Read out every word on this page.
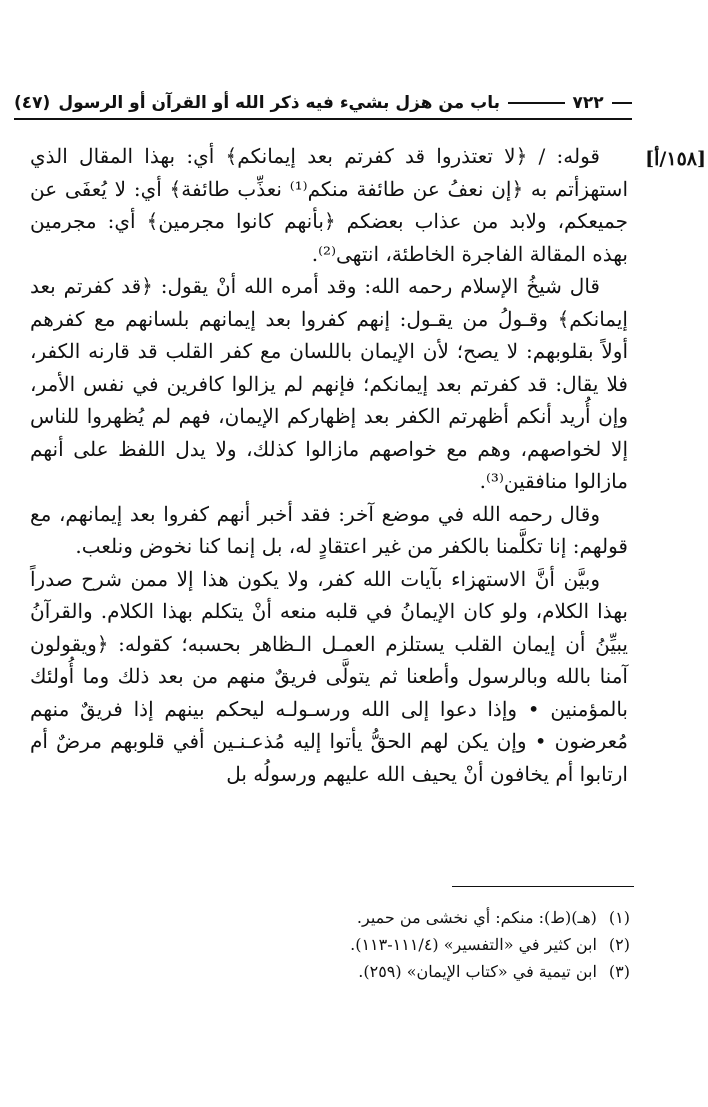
٧٢٢
باب من هزل بشيء فيه ذكر الله أو القرآن أو الرسول
(٤٧)
[١٥٨/أ]

قوله: / ﴿لا تعتذروا قد كفرتم بعد إيمانكم﴾ أي: بهذا المقال الذي استهزأتم به ﴿إن نعفُ عن طائفة منكم⁽¹⁾ نعذِّب طائفة﴾ أي: لا يُعفَى عن جميعكم، ولابد من عذاب بعضكم ﴿بأنهم كانوا مجرمين﴾ أي: مجرمين بهذه المقالة الفاجرة الخاطئة، انتهى⁽²⁾.

قال شيخُ الإسلام رحمه الله: وقد أمره الله أنْ يقول: ﴿قد كفرتم بعد إيمانكم﴾ وقـولُ من يقـول: إنهم كفروا بعد إيمانهم بلسانهم مع كفرهم أولاً بقلوبهم: لا يصح؛ لأن الإيمان باللسان مع كفر القلب قد قارنه الكفر، فلا يقال: قد كفرتم بعد إيمانكم؛ فإنهم لم يزالوا كافرين في نفس الأمر، وإن أُريد أنكم أظهرتم الكفر بعد إظهاركم الإيمان، فهم لم يُظهروا للناس إلا لخواصهم، وهم مع خواصهم مازالوا كذلك، ولا يدل اللفظ على أنهم مازالوا منافقين⁽³⁾.

وقال رحمه الله في موضع آخر: فقد أخبر أنهم كفروا بعد إيمانهم، مع قولهم: إنا تكلَّمنا بالكفر من غير اعتقادٍ له، بل إنما كنا نخوض ونلعب.

وبيَّن أنَّ الاستهزاء بآيات الله كفر، ولا يكون هذا إلا ممن شرح صدراً بهذا الكلام، ولو كان الإيمانُ في قلبه منعه أنْ يتكلم بهذا الكلام. والقرآنُ يبيِّنُ أن إيمان القلب يستلزم العمـل الـظاهر بحسبه؛ كقوله: ﴿ويقولون آمنا بالله وبالرسول وأطعنا ثم يتولَّى فريقٌ منهم من بعد ذلك وما أُولئك بالمؤمنين • وإذا دعوا إلى الله ورسـولـه ليحكم بينهم إذا فريقٌ منهم مُعرضون • وإن يكن لهم الحقُّ يأتوا إليه مُذعـنـين أفي قلوبهم مرضٌ أم ارتابوا أم يخافون أنْ يحيف الله عليهم ورسولُه بل

(١)(هـ)(ط): منكم: أي نخشى من حمير.
(٢)ابن كثير في «التفسير» (١١١/٤-١١٣).
(٣)ابن تيمية في «كتاب الإيمان» (٢٥٩).
